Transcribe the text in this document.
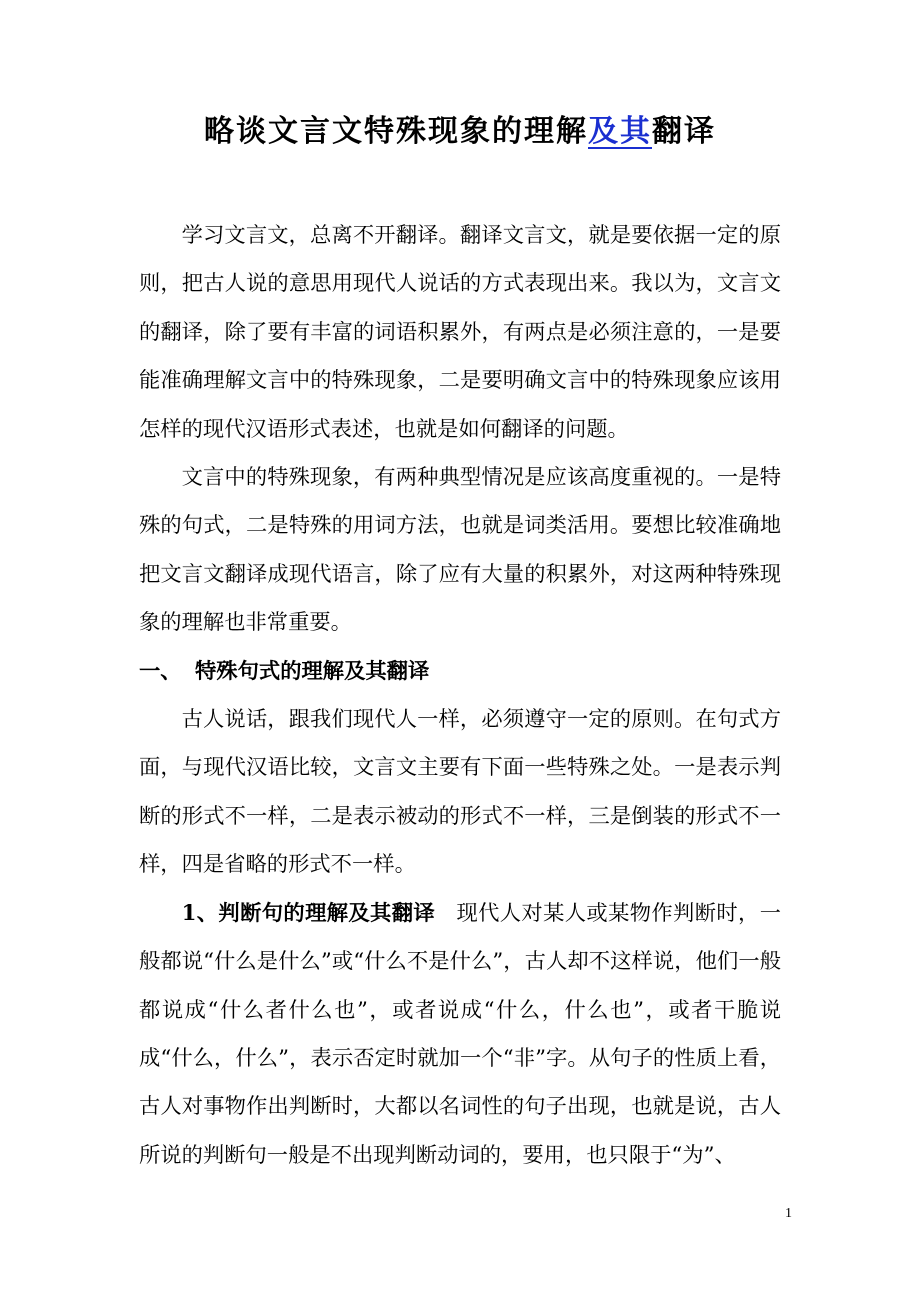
略谈文言文特殊现象的理解及其翻译

学习文言文，总离不开翻译。翻译文言文，就是要依据一定的原则，把古人说的意思用现代人说话的方式表现出来。我以为，文言文的翻译，除了要有丰富的词语积累外，有两点是必须注意的，一是要能准确理解文言中的特殊现象，二是要明确文言中的特殊现象应该用怎样的现代汉语形式表述，也就是如何翻译的问题。

文言中的特殊现象，有两种典型情况是应该高度重视的。一是特殊的句式，二是特殊的用词方法，也就是词类活用。要想比较准确地把文言文翻译成现代语言，除了应有大量的积累外，对这两种特殊现象的理解也非常重要。

一、 特殊句式的理解及其翻译

古人说话，跟我们现代人一样，必须遵守一定的原则。在句式方面，与现代汉语比较，文言文主要有下面一些特殊之处。一是表示判断的形式不一样，二是表示被动的形式不一样，三是倒装的形式不一样，四是省略的形式不一样。

1、判断句的理解及其翻译 现代人对某人或某物作判断时，一般都说“什么是什么”或“什么不是什么”，古人却不这样说，他们一般都说成“什么者什么也”，或者说成“什么，什么也”，或者干脆说成“什么，什么”，表示否定时就加一个“非”字。从句子的性质上看，古人对事物作出判断时，大都以名词性的句子出现，也就是说，古人所说的判断句一般是不出现判断动词的，要用，也只限于“为”、

1
